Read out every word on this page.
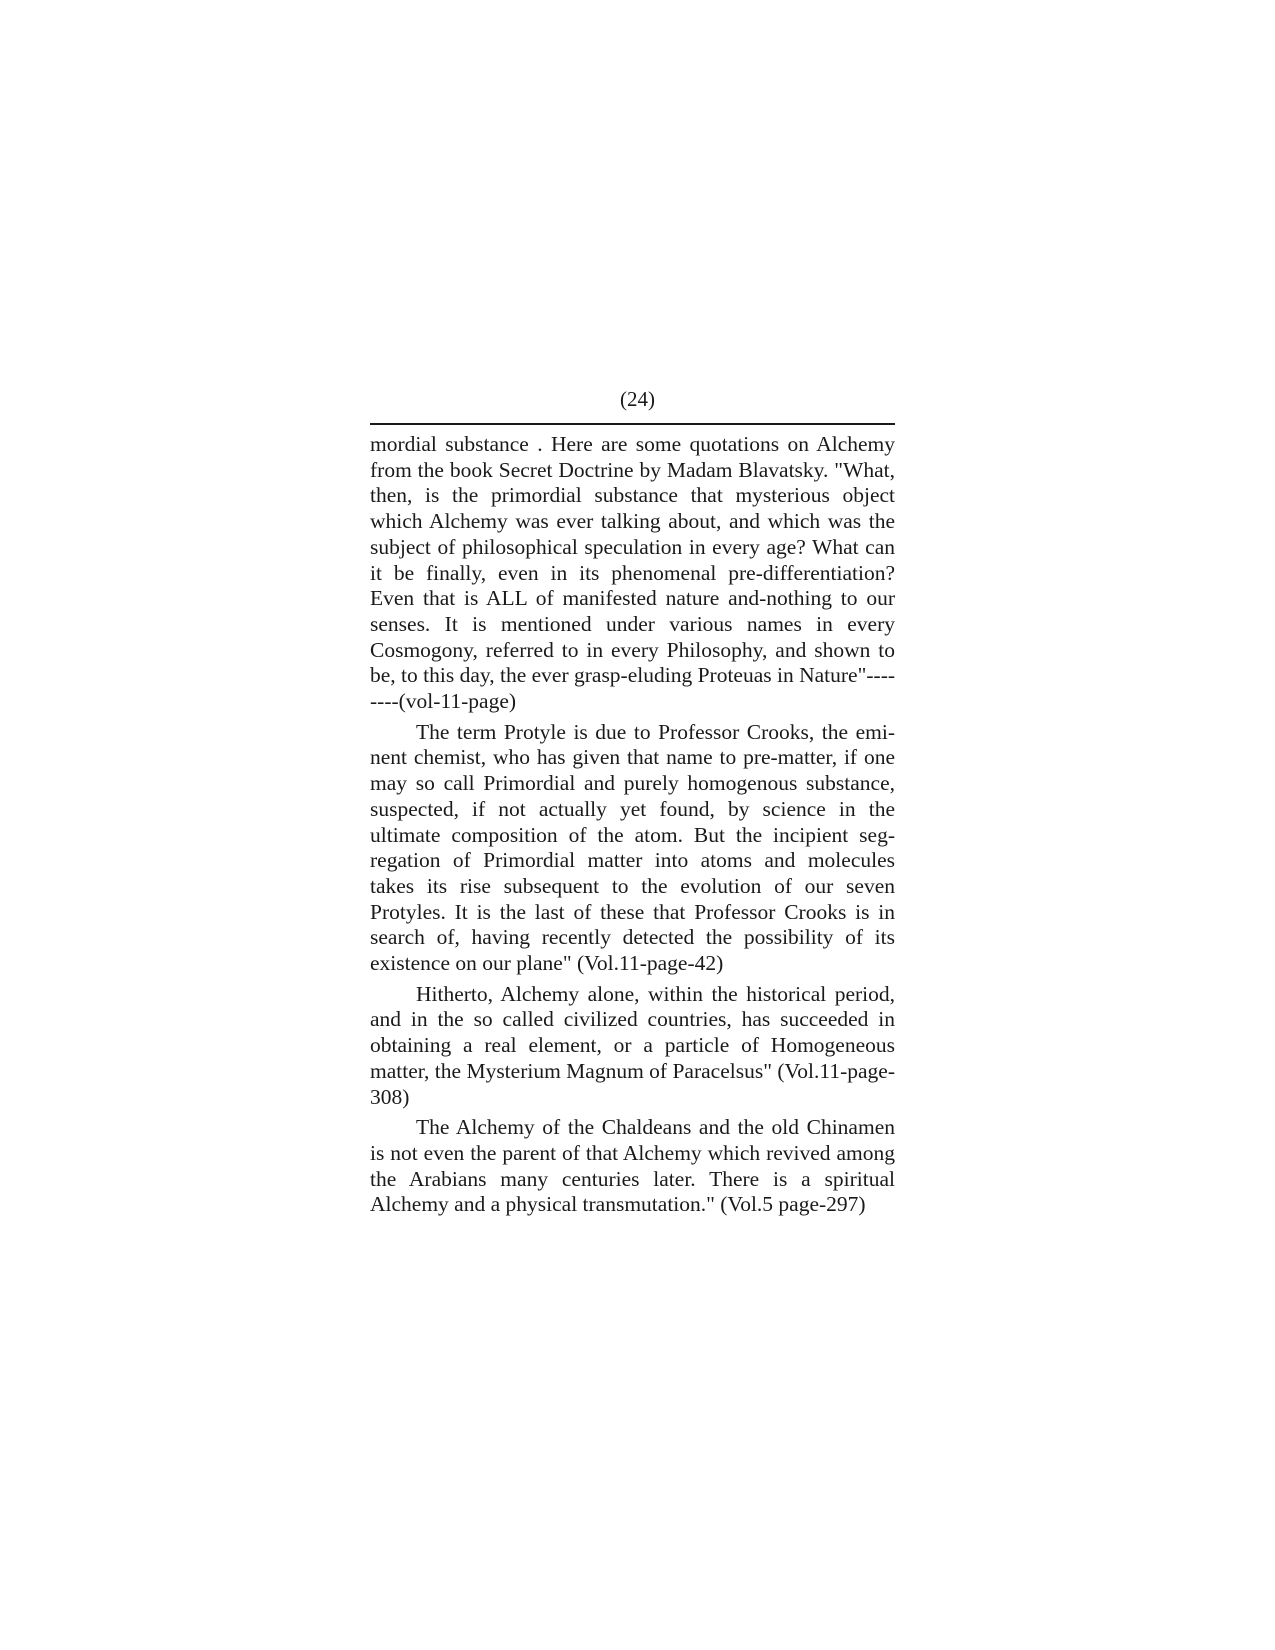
(24)

mordial substance . Here are some quotations on Alchemy from the book Secret Doctrine by Madam Blavatsky. "What, then, is the primordial substance that mysterious object which Alchemy was ever talking about, and which was the subject of philosophical speculation in every age? What can it be finally, even in its phenomenal pre-differentiation? Even that is ALL of manifested nature and-nothing to our senses. It is mentioned under various names in every Cosmogony, referred to in every Philosophy, and shown to be, to this day, the ever grasp-eluding Proteuas in Nature"--------(vol-11-page)

The term Protyle is due to Professor Crooks, the eminent chemist, who has given that name to pre-matter, if one may so call Primordial and purely homogenous substance, suspected, if not actually yet found, by science in the ultimate composition of the atom. But the incipient segregation of Primordial matter into atoms and molecules takes its rise subsequent to the evolution of our seven Protyles. It is the last of these that Professor Crooks is in search of, having recently detected the possibility of its existence on our plane" (Vol.11-page-42)

Hitherto, Alchemy alone, within the historical period, and in the so called civilized countries, has succeeded in obtaining a real element, or a particle of Homogeneous matter, the Mysterium Magnum of Paracelsus" (Vol.11-page-308)

The Alchemy of the Chaldeans and the old Chinamen is not even the parent of that Alchemy which revived among the Arabians many centuries later. There is a spiritual Alchemy and a physical transmutation." (Vol.5 page-297)
